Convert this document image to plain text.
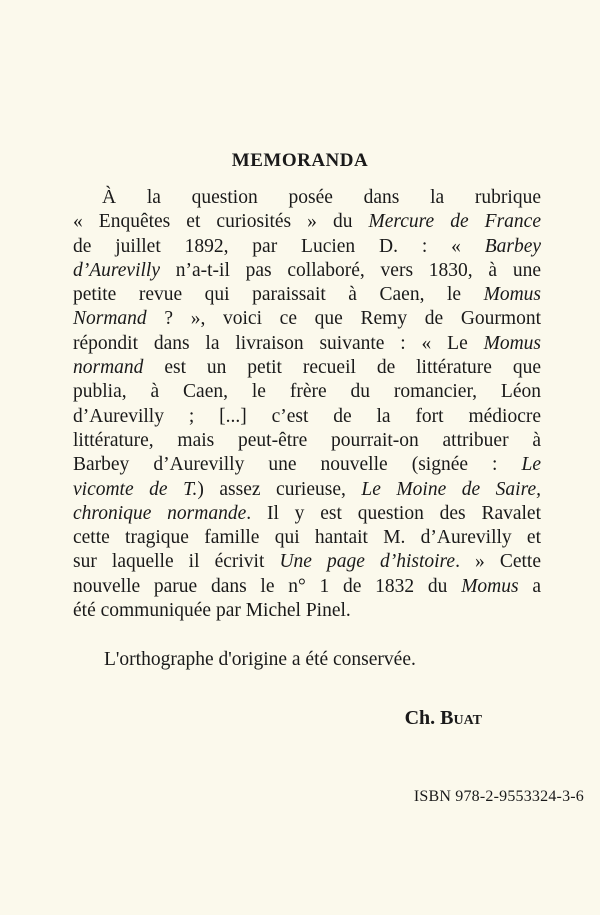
MEMORANDA
À la question posée dans la rubrique
« Enquêtes et curiosités » du Mercure de France
de juillet 1892, par Lucien D. : « Barbey
d’Aurevilly n’a-t-il pas collaboré, vers 1830, à une
petite revue qui paraissait à Caen, le Momus
Normand ? », voici ce que Remy de Gourmont
répondit dans la livraison suivante : « Le Momus
normand est un petit recueil de littérature que
publia, à Caen, le frère du romancier, Léon
d’Aurevilly ; [...] c’est de la fort médiocre
littérature, mais peut-être pourrait-on attribuer à
Barbey d’Aurevilly une nouvelle (signée : Le
vicomte de T.) assez curieuse, Le Moine de Saire,
chronique normande. Il y est question des Ravalet
cette tragique famille qui hantait M. d’Aurevilly et
sur laquelle il écrivit Une page d’histoire. » Cette
nouvelle parue dans le n° 1 de 1832 du Momus a
été communiquée par Michel Pinel.
L'orthographe d'origine a été conservée.
Ch. Buat
ISBN 978-2-9553324-3-6
